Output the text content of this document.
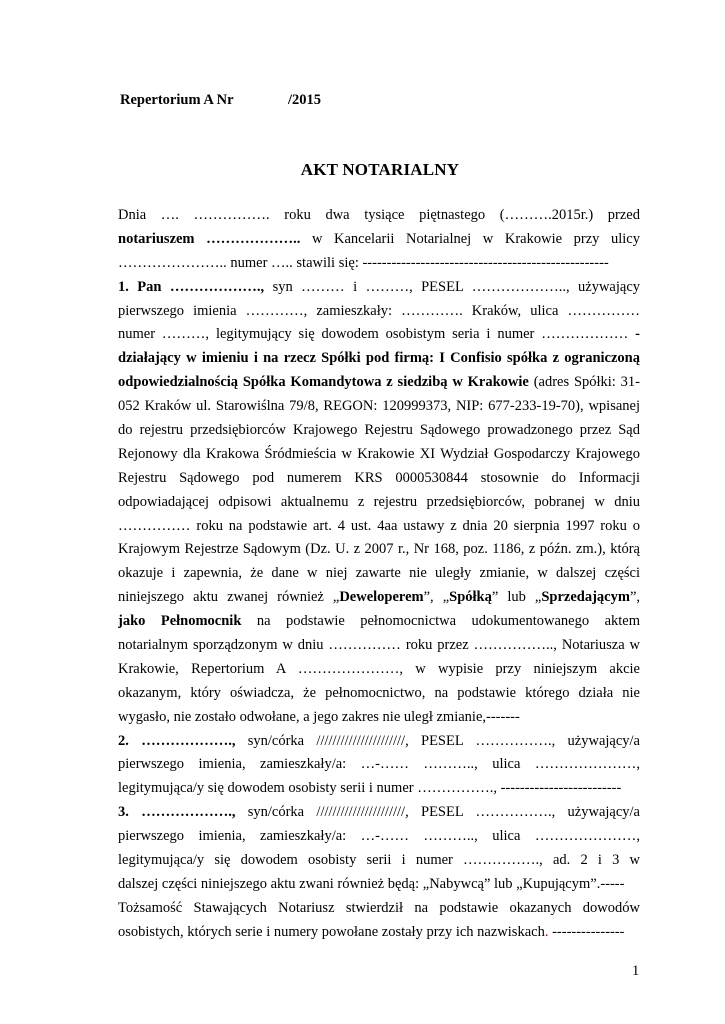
Repertorium A Nr	/2015
AKT NOTARIALNY
Dnia …. ……………. roku dwa tysiące piętnastego (……….2015r.) przed
notariuszem ……………….. w Kancelarii Notarialnej w Krakowie przy ulicy
………………….. numer ….. stawili się: ---------------------------------------------------
1. Pan ………………., syn ……… i ………, PESEL ……………….., używający
pierwszego imienia …………, zamieszkały: …………. Kraków, ulica ……………
numer ………, legitymujący się dowodem osobistym seria i numer ……………… -
działający w imieniu i na rzecz Spółki pod firmą: I Confisio spółka z ograniczoną
odpowiedzialnością Spółka Komandytowa z siedzibą w Krakowie (adres Spółki: 31-
052 Kraków ul. Starowiślna 79/8, REGON: 120999373, NIP: 677-233-19-70), wpisanej
do rejestru przedsiębiorców Krajowego Rejestru Sądowego prowadzonego przez Sąd
Rejonowy dla Krakowa Śródmieścia w Krakowie XI Wydział Gospodarczy Krajowego
Rejestru Sądowego pod numerem KRS 0000530844 stosownie do Informacji
odpowiadającej odpisowi aktualnemu z rejestru przedsiębiorców, pobranej w dniu
…………… roku na podstawie art. 4 ust. 4aa ustawy z dnia 20 sierpnia 1997 roku o
Krajowym Rejestrze Sądowym (Dz. U. z 2007 r., Nr 168, poz. 1186, z późn. zm.), którą
okazuje i zapewnia, że dane w niej zawarte nie uległy zmianie, w dalszej części
niniejszego aktu zwanej również „Deweloperem”, „Spółką” lub „Sprzedającym”,
jako Pełnomocnik na podstawie pełnomocnictwa udokumentowanego aktem
notarialnym sporządzonym w dniu …………… roku przez …………….., Notariusza w
Krakowie, Repertorium A …………………, w wypisie przy niniejszym akcie
okazanym, który oświadcza, że pełnomocnictwo, na podstawie którego działa nie
wygasło, nie zostało odwołane, a jego zakres nie uległ zmianie,-------
2. ………………., syn/córka //////////////////////, PESEL ……………., używający/a
pierwszego imienia, zamieszkały/a: …-…… ……….., ulica …………………,
legitymująca/y się dowodem osobisty serii i numer ……………., -------------------------
3. ………………., syn/córka //////////////////////, PESEL ……………., używający/a
pierwszego imienia, zamieszkały/a: …-…… ……….., ulica …………………,
legitymująca/y się dowodem osobisty serii i numer ……………., ad. 2 i 3 w
dalszej części niniejszego aktu zwani również będą: „Nabywcą” lub „Kupującym”.-----
Tożsamość Stawających Notariusz stwierdził na podstawie okazanych dowodów
osobistych, których serie i numery powołane zostały przy ich nazwiskach. ---------------
1
